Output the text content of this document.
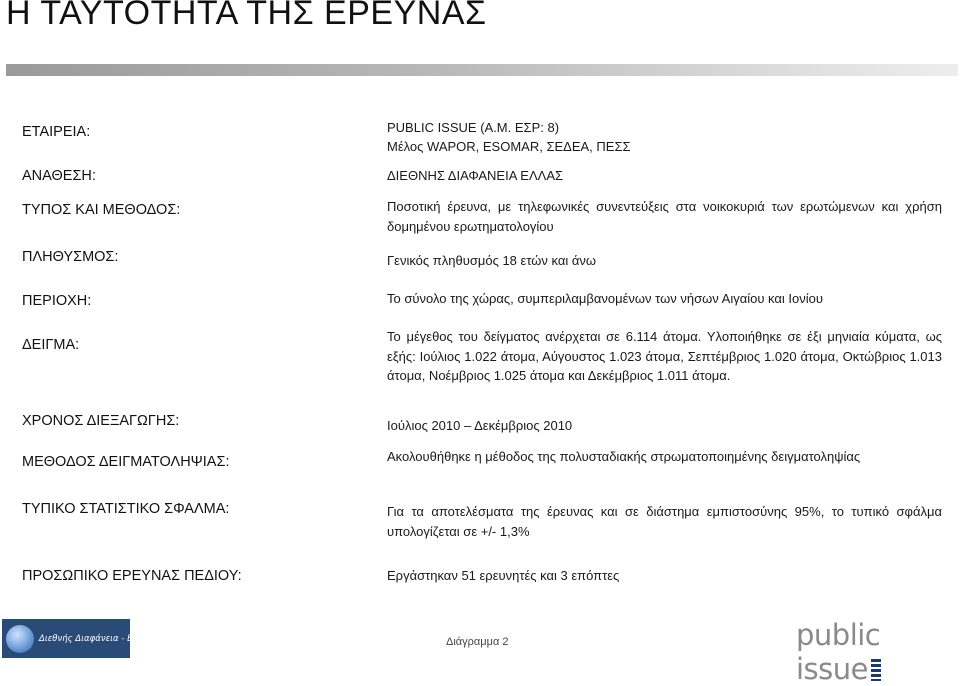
Η ΤΑΥΤΟΤΗΤΑ ΤΗΣ ΕΡΕΥΝΑΣ
ΕΤΑΙΡΕΙΑ:	PUBLIC ISSUE (Α.Μ. ΕΣΡ: 8)
Μέλος WAPOR, ESOMAR, ΣΕΔΕΑ, ΠΕΣΣ
ΑΝΑΘΕΣΗ:	ΔΙΕΘΝΗΣ ΔΙΑΦΑΝΕΙΑ ΕΛΛΑΣ
ΤΥΠΟΣ ΚΑΙ ΜΕΘΟΔΟΣ:	Ποσοτική έρευνα, με τηλεφωνικές συνεντεύξεις στα νοικοκυριά των ερωτώμενων και χρήση δομημένου ερωτηματολογίου
ΠΛΗΘΥΣΜΟΣ:	Γενικός πληθυσμός 18 ετών και άνω
ΠΕΡΙΟΧΗ:	Το σύνολο της χώρας, συμπεριλαμβανομένων των νήσων Αιγαίου και Ιονίου
ΔΕΙΓΜΑ:
Το μέγεθος του δείγματος ανέρχεται σε 6.114 άτομα. Υλοποιήθηκε σε έξι μηνιαία κύματα, ως εξής: Ιούλιος 1.022 άτομα, Αύγουστος 1.023 άτομα, Σεπτέμβριος 1.020 άτομα, Οκτώβριος 1.013 άτομα, Νοέμβριος 1.025 άτομα και Δεκέμβριος 1.011 άτομα.
ΧΡΟΝΟΣ ΔΙΕΞΑΓΩΓΗΣ:	Ιούλιος 2010 – Δεκέμβριος 2010
ΜΕΘΟΔΟΣ ΔΕΙΓΜΑΤΟΛΗΨΙΑΣ:	Ακολουθήθηκε η μέθοδος της πολυσταδιακής στρωματοποιημένης δειγματοληψίας
ΤΥΠΙΚΟ ΣΤΑΤΙΣΤΙΚΟ ΣΦΑΛΜΑ:	Για τα αποτελέσματα της έρευνας και σε διάστημα εμπιστοσύνης 95%, το τυπικό σφάλμα υπολογίζεται σε +/- 1,3%
ΠΡΟΣΩΠΙΚΟ ΕΡΕΥΝΑΣ ΠΕΔΙΟΥ:	Εργάστηκαν 51 ερευνητές και 3 επόπτες
Διεθνής Διαφάνεια - Ελλάς	Διάγραμμα 2	public issue
